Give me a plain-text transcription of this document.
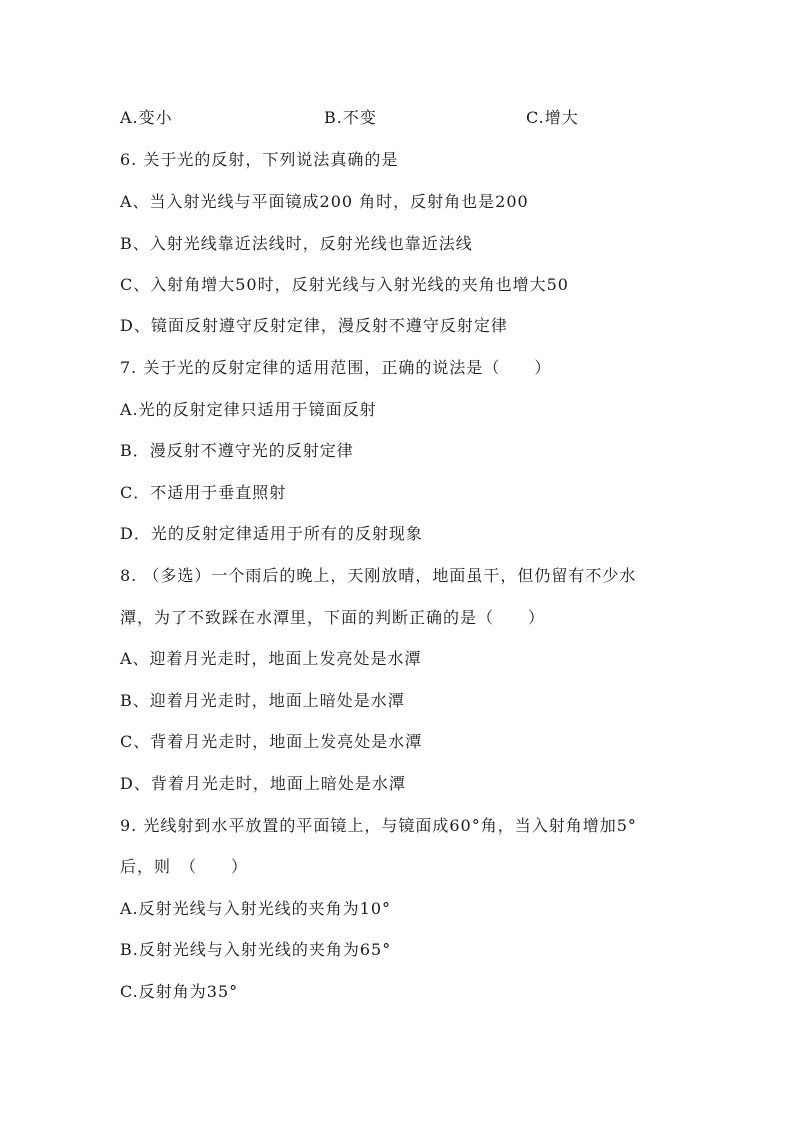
A.变小	B.不变	C.增大
6. 关于光的反射，下列说法真确的是
A、当入射光线与平面镜成200 角时，反射角也是200
B、入射光线靠近法线时，反射光线也靠近法线
C、入射角增大50时，反射光线与入射光线的夹角也增大50
D、镜面反射遵守反射定律，漫反射不遵守反射定律
7. 关于光的反射定律的适用范围，正确的说法是（　　）
A.光的反射定律只适用于镜面反射
B．漫反射不遵守光的反射定律
C．不适用于垂直照射
D．光的反射定律适用于所有的反射现象
8. （多选）一个雨后的晚上，天刚放晴，地面虽干，但仍留有不少水
潭，为了不致踩在水潭里，下面的判断正确的是（　　）
A、迎着月光走时，地面上发亮处是水潭
B、迎着月光走时，地面上暗处是水潭
C、背着月光走时，地面上发亮处是水潭
D、背着月光走时，地面上暗处是水潭
9. 光线射到水平放置的平面镜上，与镜面成60°角，当入射角增加5°
后，则　（　　）
A.反射光线与入射光线的夹角为10°
B.反射光线与入射光线的夹角为65°
C.反射角为35°
